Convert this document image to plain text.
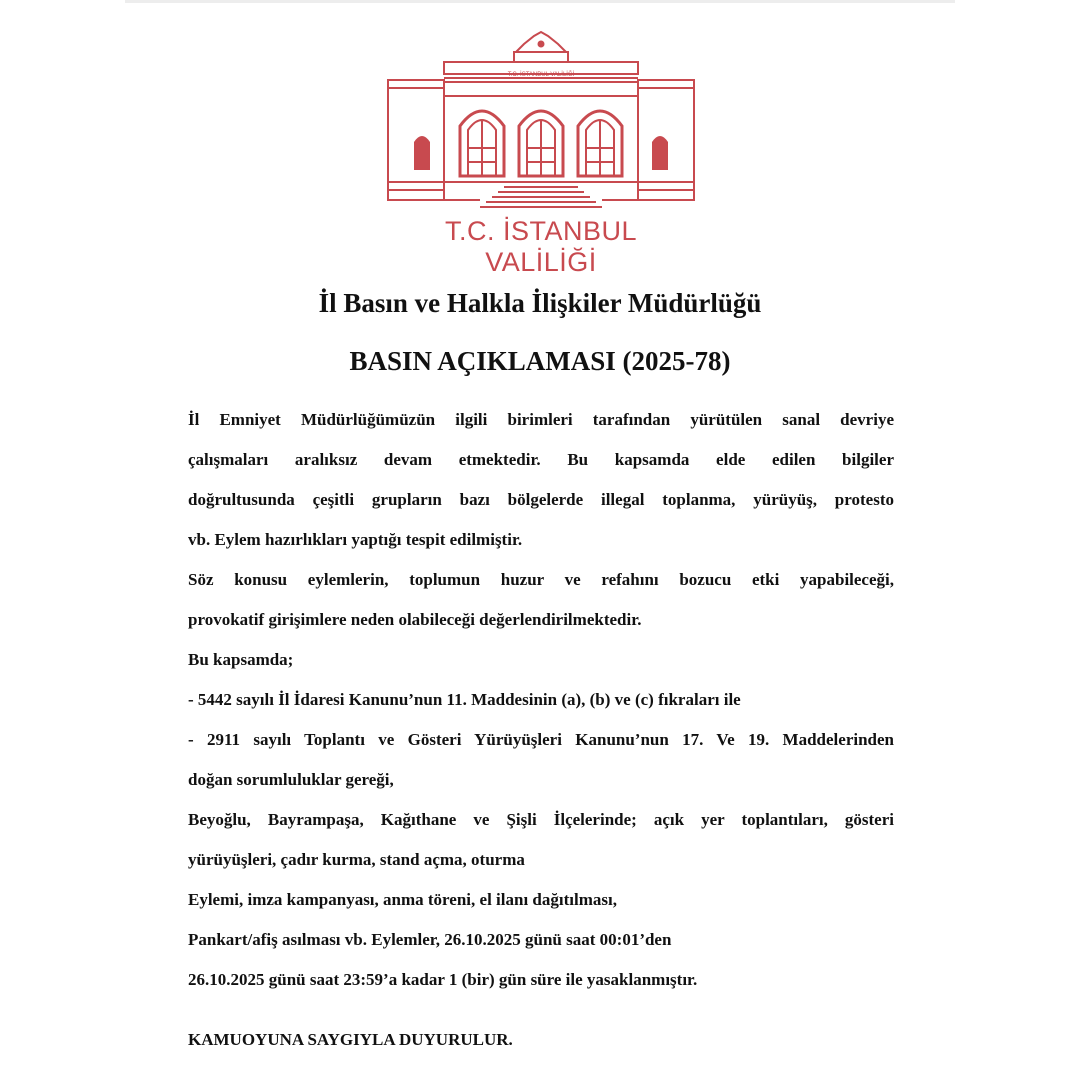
T.C. İSTANBUL VALİLİĞİ
T.C. İSTANBUL VALİLİĞİ
İl Basın ve Halkla İlişkiler Müdürlüğü
BASIN AÇIKLAMASI (2025-78)
İl Emniyet Müdürlüğümüzün ilgili birimleri tarafından yürütülen sanal devriye
çalışmaları aralıksız devam etmektedir. Bu kapsamda elde edilen bilgiler
doğrultusunda çeşitli grupların bazı bölgelerde illegal toplanma, yürüyüş, protesto
vb. Eylem hazırlıkları yaptığı tespit edilmiştir.
Söz konusu eylemlerin, toplumun huzur ve refahını bozucu etki yapabileceği,
provokatif girişimlere neden olabileceği değerlendirilmektedir.
Bu kapsamda;
- 5442 sayılı İl İdaresi Kanunu’nun 11. Maddesinin (a), (b) ve (c) fıkraları ile
- 2911 sayılı Toplantı ve Gösteri Yürüyüşleri Kanunu’nun 17. Ve 19. Maddelerinden
doğan sorumluluklar gereği,
Beyoğlu, Bayrampaşa, Kağıthane ve Şişli İlçelerinde; açık yer toplantıları, gösteri
yürüyüşleri, çadır kurma, stand açma, oturma
Eylemi, imza kampanyası, anma töreni, el ilanı dağıtılması,
Pankart/afiş asılması vb. Eylemler, 26.10.2025 günü saat 00:01’den
26.10.2025 günü saat 23:59’a kadar 1 (bir) gün süre ile yasaklanmıştır.
KAMUOYUNA SAYGIYLA DUYURULUR.
